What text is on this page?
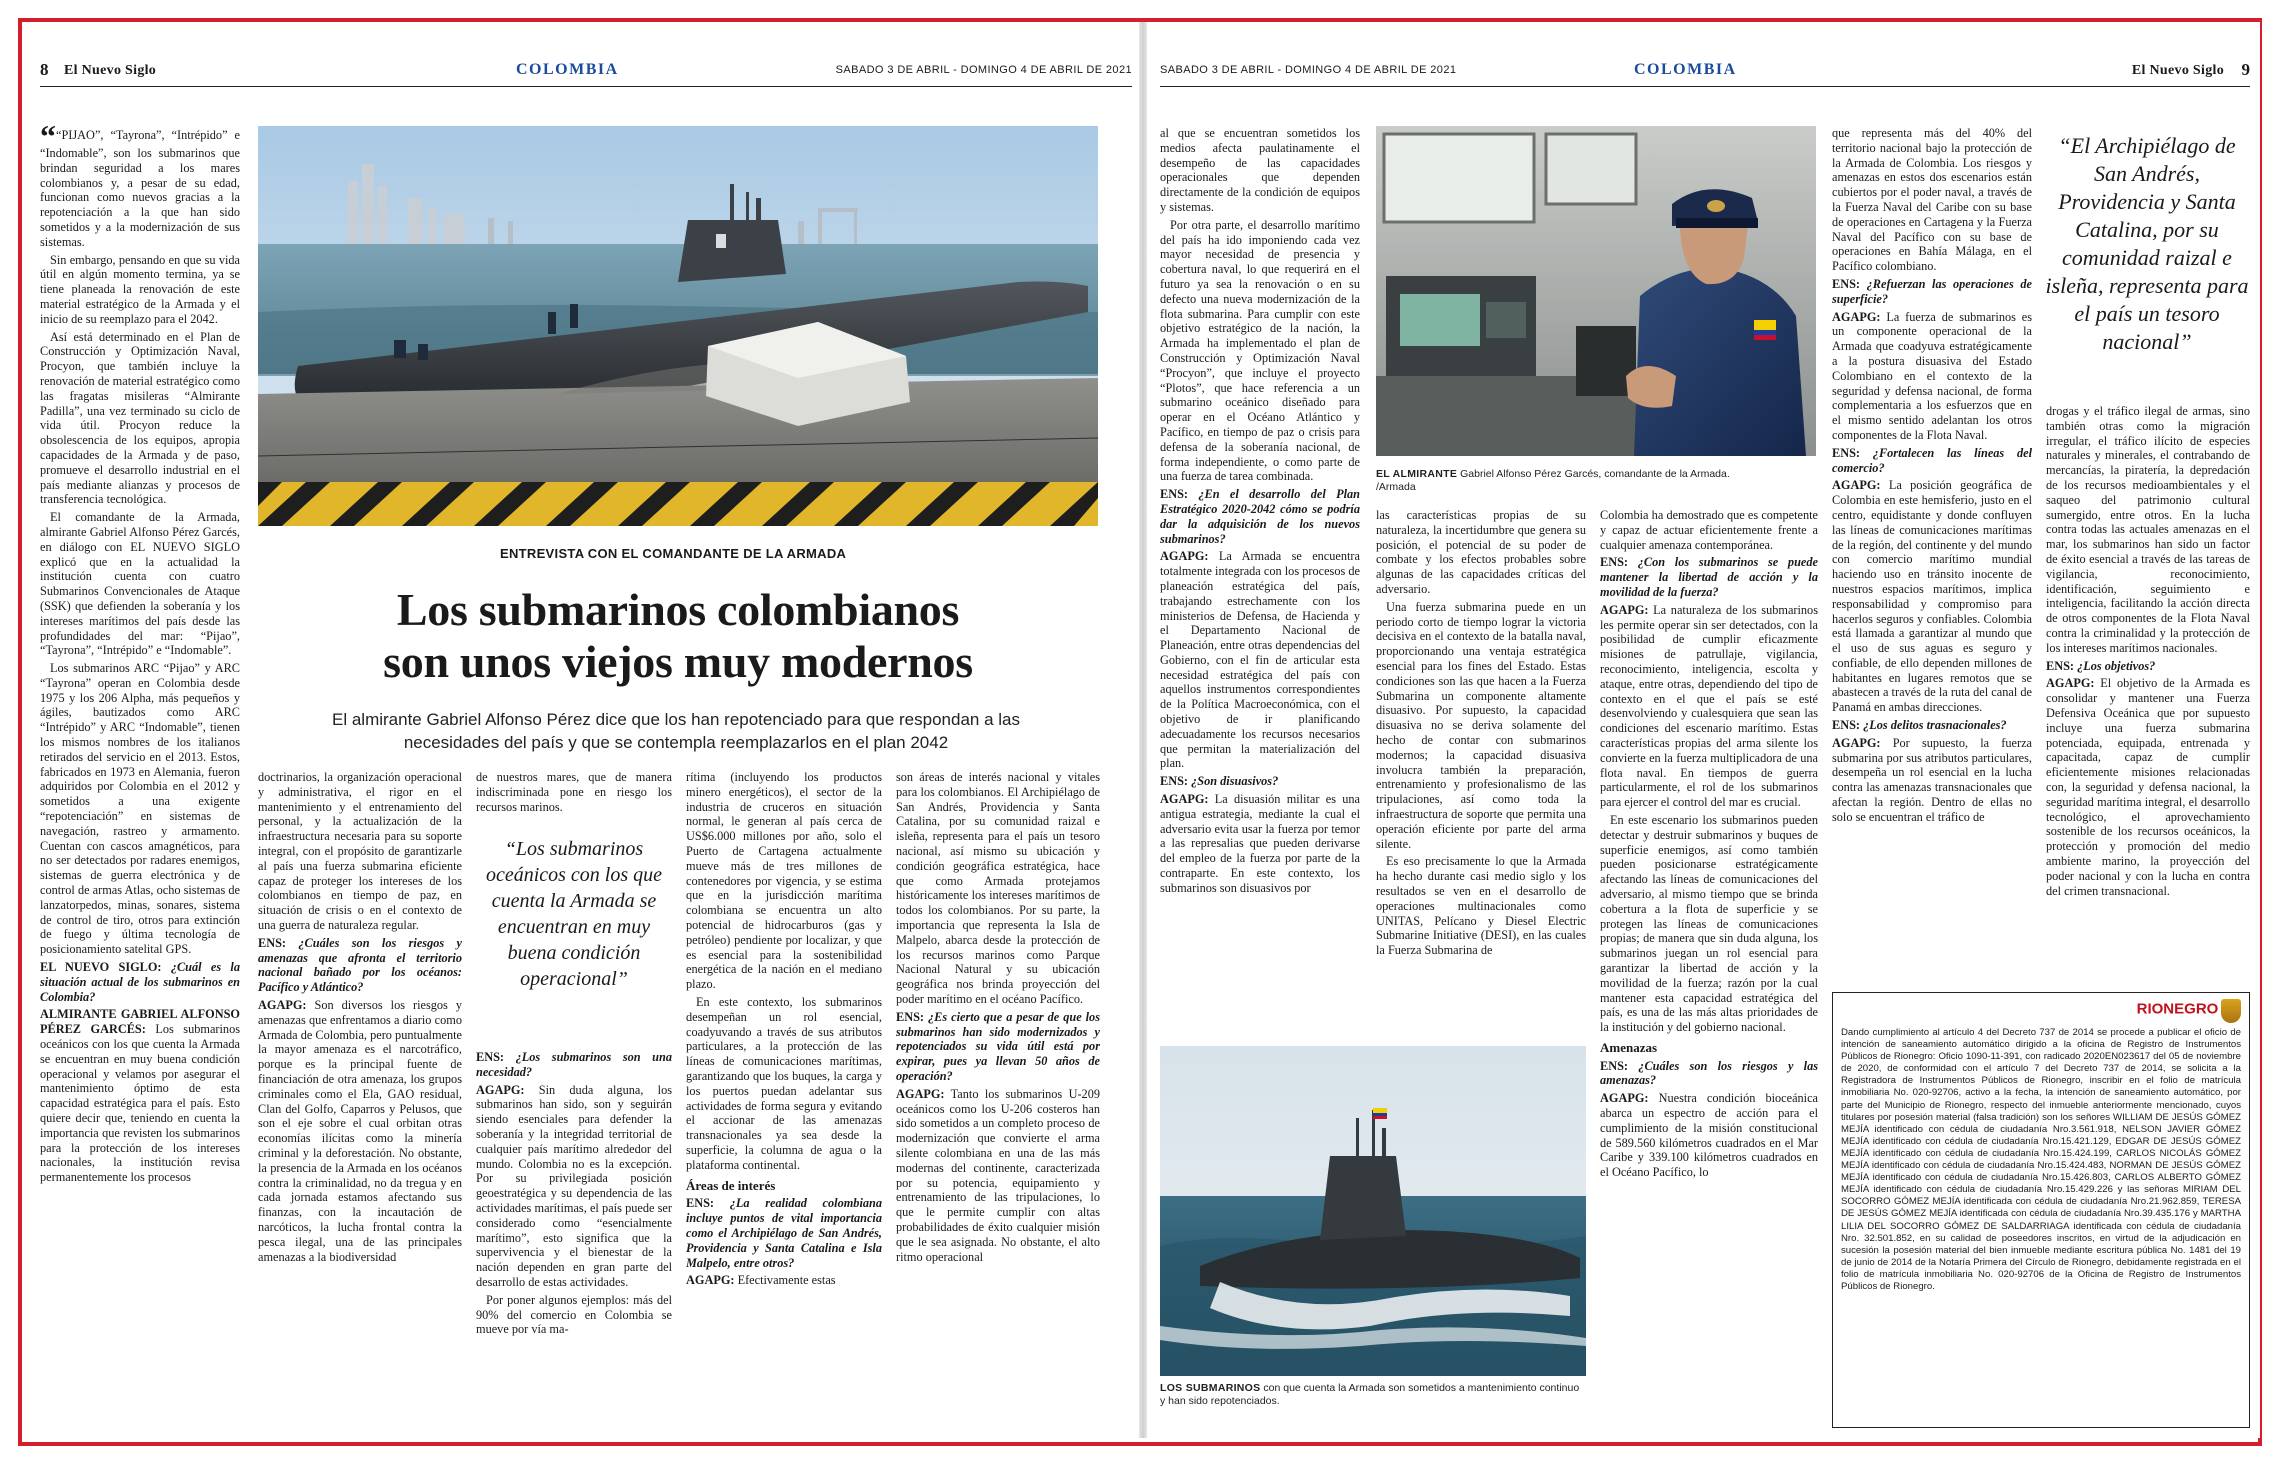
8 El Nuevo Siglo	COLOMBIA	SABADO 3 DE ABRIL - DOMINGO 4 DE ABRIL DE 2021	SABADO 3 DE ABRIL - DOMINGO 4 DE ABRIL DE 2021	COLOMBIA	El Nuevo Siglo 9

““PIJAO”, “Tayrona”, “Intrépido” e “Indomable”, son los submarinos que brindan seguridad a los mares colombianos y, a pesar de su edad, funcionan como nuevos gracias a la repotenciación a la que han sido sometidos y a la modernización de sus sistemas.

Sin embargo, pensando en que su vida útil en algún momento termina, ya se tiene planeada la renovación de este material estratégico de la Armada y el inicio de su reemplazo para el 2042.

Así está determinado en el Plan de Construcción y Optimización Naval, Procyon, que también incluye la renovación de material estratégico como las fragatas misileras “Almirante Padilla”, una vez terminado su ciclo de vida útil. Procyon reduce la obsolescencia de los equipos, apropia capacidades de la Armada y de paso, promueve el desarrollo industrial en el país mediante alianzas y procesos de transferencia tecnológica.

El comandante de la Armada, almirante Gabriel Alfonso Pérez Garcés, en diálogo con EL NUEVO SIGLO explicó que en la actualidad la institución cuenta con cuatro Submarinos Convencionales de Ataque (SSK) que defienden la soberanía y los intereses marítimos del país desde las profundidades del mar: “Pijao”, “Tayrona”, “Intrépido” e “Indomable”.

Los submarinos ARC “Pijao” y ARC “Tayrona” operan en Colombia desde 1975 y los 206 Alpha, más pequeños y ágiles, bautizados como ARC “Intrépido” y ARC “Indomable”, tienen los mismos nombres de los italianos retirados del servicio en el 2013. Estos, fabricados en 1973 en Alemania, fueron adquiridos por Colombia en el 2012 y sometidos a una exigente “repotenciación” en sistemas de navegación, rastreo y armamento. Cuentan con cascos amagnéticos, para no ser detectados por radares enemigos, sistemas de guerra electrónica y de control de armas Atlas, ocho sistemas de lanzatorpedos, minas, sonares, sistema de control de tiro, otros para extinción de fuego y última tecnología de posicionamiento satelital GPS.

EL NUEVO SIGLO: ¿Cuál es la situación actual de los submarinos en Colombia?

ALMIRANTE GABRIEL ALFONSO PÉREZ GARCÉS: Los submarinos oceánicos con los que cuenta la Armada se encuentran en muy buena condición operacional y velamos por asegurar el mantenimiento óptimo de esta capacidad estratégica para el país. Esto quiere decir que, teniendo en cuenta la importancia que revisten los submarinos para la protección de los intereses nacionales, la institución revisa permanentemente los procesos

ENTREVISTA CON EL COMANDANTE DE LA ARMADA
Los submarinos colombianos
son unos viejos muy modernos
El almirante Gabriel Alfonso Pérez dice que los han repotenciado para que respondan a las necesidades del país y que se contempla reemplazarlos en el plan 2042

doctrinarios, la organización operacional y administrativa, el rigor en el mantenimiento y el entrenamiento del personal, y la actualización de la infraestructura necesaria para su soporte integral, con el propósito de garantizarle al país una fuerza submarina eficiente capaz de proteger los intereses de los colombianos en tiempo de paz, en situación de crisis o en el contexto de una guerra de naturaleza regular.

ENS: ¿Cuáles son los riesgos y amenazas que afronta el territorio nacional bañado por los océanos: Pacífico y Atlántico?

AGAPG: Son diversos los riesgos y amenazas que enfrentamos a diario como Armada de Colombia, pero puntualmente la mayor amenaza es el narcotráfico, porque es la principal fuente de financiación de otra amenaza, los grupos criminales como el Ela, GAO residual, Clan del Golfo, Caparros y Pelusos, que son el eje sobre el cual orbitan otras economías ilícitas como la minería criminal y la deforestación. No obstante, la presencia de la Armada en los océanos contra la criminalidad, no da tregua y en cada jornada estamos afectando sus finanzas, con la incautación de narcóticos, la lucha frontal contra la pesca ilegal, una de las principales amenazas a la biodiversidad

de nuestros mares, que de manera indiscriminada pone en riesgo los recursos marinos.

“Los submarinos oceánicos con los que cuenta la Armada se encuentran en muy buena condición operacional”

ENS: ¿Los submarinos son una necesidad?

AGAPG: Sin duda alguna, los submarinos han sido, son y seguirán siendo esenciales para defender la soberanía y la integridad territorial de cualquier país marítimo alrededor del mundo. Colombia no es la excepción. Por su privilegiada posición geoestratégica y su dependencia de las actividades marítimas, el país puede ser considerado como “esencialmente marítimo”, esto significa que la supervivencia y el bienestar de la nación dependen en gran parte del desarrollo de estas actividades.

Por poner algunos ejemplos: más del 90% del comercio en Colombia se mueve por vía ma-

rítima (incluyendo los productos minero energéticos), el sector de la industria de cruceros en situación normal, le generan al país cerca de US$6.000 millones por año, solo el Puerto de Cartagena actualmente mueve más de tres millones de contenedores por vigencia, y se estima que en la jurisdicción marítima colombiana se encuentra un alto potencial de hidrocarburos (gas y petróleo) pendiente por localizar, y que es esencial para la sostenibilidad energética de la nación en el mediano plazo.

En este contexto, los submarinos desempeñan un rol esencial, coadyuvando a través de sus atributos particulares, a la protección de las líneas de comunicaciones marítimas, garantizando que los buques, la carga y los puertos puedan adelantar sus actividades de forma segura y evitando el accionar de las amenazas transnacionales ya sea desde la superficie, la columna de agua o la plataforma continental.

Áreas de interés

ENS: ¿La realidad colombiana incluye puntos de vital importancia como el Archipiélago de San Andrés, Providencia y Santa Catalina e Isla Malpelo, entre otros?

AGAPG: Efectivamente estas

son áreas de interés nacional y vitales para los colombianos. El Archipiélago de San Andrés, Providencia y Santa Catalina, por su comunidad raizal e isleña, representa para el país un tesoro nacional, así mismo su ubicación y condición geográfica estratégica, hace que como Armada protejamos históricamente los intereses marítimos de todos los colombianos. Por su parte, la importancia que representa la Isla de Malpelo, abarca desde la protección de los recursos marinos como Parque Nacional Natural y su ubicación geográfica nos brinda proyección del poder marítimo en el océano Pacífico.

ENS: ¿Es cierto que a pesar de que los submarinos han sido modernizados y repotenciados su vida útil está por expirar, pues ya llevan 50 años de operación?

AGAPG: Tanto los submarinos U-209 oceánicos como los U-206 costeros han sido sometidos a un completo proceso de modernización que convierte el arma silente colombiana en una de las más modernas del continente, caracterizada por su potencia, equipamiento y entrenamiento de las tripulaciones, lo que le permite cumplir con altas probabilidades de éxito cualquier misión que le sea asignada. No obstante, el alto ritmo operacional

al que se encuentran sometidos los medios afecta paulatinamente el desempeño de las capacidades operacionales que dependen directamente de la condición de equipos y sistemas.

Por otra parte, el desarrollo marítimo del país ha ido imponiendo cada vez mayor necesidad de presencia y cobertura naval, lo que requerirá en el futuro ya sea la renovación o en su defecto una nueva modernización de la flota submarina. Para cumplir con este objetivo estratégico de la nación, la Armada ha implementado el plan de Construcción y Optimización Naval “Procyon”, que incluye el proyecto “Plotos”, que hace referencia a un submarino oceánico diseñado para operar en el Océano Atlántico y Pacífico, en tiempo de paz o crisis para defensa de la soberanía nacional, de forma independiente, o como parte de una fuerza de tarea combinada.

ENS: ¿En el desarrollo del Plan Estratégico 2020-2042 cómo se podría dar la adquisición de los nuevos submarinos?

AGAPG: La Armada se encuentra totalmente integrada con los procesos de planeación estratégica del país, trabajando estrechamente con los ministerios de Defensa, de Hacienda y el Departamento Nacional de Planeación, entre otras dependencias del Gobierno, con el fin de articular esta necesidad estratégica del país con aquellos instrumentos correspondientes de la Política Macroeconómica, con el objetivo de ir planificando adecuadamente los recursos necesarios que permitan la materialización del plan.

ENS: ¿Son disuasivos?

AGAPG: La disuasión militar es una antigua estrategia, mediante la cual el adversario evita usar la fuerza por temor a las represalias que pueden derivarse del empleo de la fuerza por parte de la contraparte. En este contexto, los submarinos son disuasivos por

EL ALMIRANTE Gabriel Alfonso Pérez Garcés, comandante de la Armada.
/Armada

las características propias de su naturaleza, la incertidumbre que genera su posición, el potencial de su poder de combate y los efectos probables sobre algunas de las capacidades críticas del adversario.

Una fuerza submarina puede en un periodo corto de tiempo lograr la victoria decisiva en el contexto de la batalla naval, proporcionando una ventaja estratégica esencial para los fines del Estado. Estas condiciones son las que hacen a la Fuerza Submarina un componente altamente disuasivo. Por supuesto, la capacidad disuasiva no se deriva solamente del hecho de contar con submarinos modernos; la capacidad disuasiva involucra también la preparación, entrenamiento y profesionalismo de las tripulaciones, así como toda la infraestructura de soporte que permita una operación eficiente por parte del arma silente.

Es eso precisamente lo que la Armada ha hecho durante casi medio siglo y los resultados se ven en el desarrollo de operaciones multinacionales como UNITAS, Pelícano y Diesel Electric Submarine Initiative (DESI), en las cuales la Fuerza Submarina de

Colombia ha demostrado que es competente y capaz de actuar eficientemente frente a cualquier amenaza contemporánea.

ENS: ¿Con los submarinos se puede mantener la libertad de acción y la movilidad de la fuerza?

AGAPG: La naturaleza de los submarinos les permite operar sin ser detectados, con la posibilidad de cumplir eficazmente misiones de patrullaje, vigilancia, reconocimiento, inteligencia, escolta y ataque, entre otras, dependiendo del tipo de contexto en el que el país se esté desenvolviendo y cualesquiera que sean las condiciones del escenario marítimo. Estas características propias del arma silente los convierte en la fuerza multiplicadora de una flota naval. En tiempos de guerra particularmente, el rol de los submarinos para ejercer el control del mar es crucial.

En este escenario los submarinos pueden detectar y destruir submarinos y buques de superficie enemigos, así como también pueden posicionarse estratégicamente afectando las líneas de comunicaciones del adversario, al mismo tiempo que se brinda cobertura a la flota de superficie y se protegen las líneas de comunicaciones propias; de manera que sin duda alguna, los submarinos juegan un rol esencial para garantizar la libertad de acción y la movilidad de la fuerza; razón por la cual mantener esta capacidad estratégica del país, es una de las más altas prioridades de la institución y del gobierno nacional.

Amenazas

ENS: ¿Cuáles son los riesgos y las amenazas?

AGAPG: Nuestra condición bioceánica abarca un espectro de acción para el cumplimiento de la misión constitucional de 589.560 kilómetros cuadrados en el Mar Caribe y 339.100 kilómetros cuadrados en el Océano Pacífico, lo

LOS SUBMARINOS con que cuenta la Armada son sometidos a mantenimiento continuo y han sido repotenciados.

que representa más del 40% del territorio nacional bajo la protección de la Armada de Colombia. Los riesgos y amenazas en estos dos escenarios están cubiertos por el poder naval, a través de la Fuerza Naval del Caribe con su base de operaciones en Cartagena y la Fuerza Naval del Pacífico con su base de operaciones en Bahía Málaga, en el Pacífico colombiano.

ENS: ¿Refuerzan las operaciones de superficie?

AGAPG: La fuerza de submarinos es un componente operacional de la Armada que coadyuva estratégicamente a la postura disuasiva del Estado Colombiano en el contexto de la seguridad y defensa nacional, de forma complementaria a los esfuerzos que en el mismo sentido adelantan los otros componentes de la Flota Naval.

ENS: ¿Fortalecen las líneas del comercio?

AGAPG: La posición geográfica de Colombia en este hemisferio, justo en el centro, equidistante y donde confluyen las líneas de comunicaciones marítimas de la región, del continente y del mundo con comercio marítimo mundial haciendo uso en tránsito inocente de nuestros espacios marítimos, implica responsabilidad y compromiso para hacerlos seguros y confiables. Colombia está llamada a garantizar al mundo que el uso de sus aguas es seguro y confiable, de ello dependen millones de habitantes en lugares remotos que se abastecen a través de la ruta del canal de Panamá en ambas direcciones.

ENS: ¿Los delitos trasnacionales?

AGAPG: Por supuesto, la fuerza submarina por sus atributos particulares, desempeña un rol esencial en la lucha contra las amenazas transnacionales que afectan la región. Dentro de ellas no solo se encuentran el tráfico de

“El Archipiélago de San Andrés, Providencia y Santa Catalina, por su comunidad raizal e isleña, representa para el país un tesoro nacional”

drogas y el tráfico ilegal de armas, sino también otras como la migración irregular, el tráfico ilícito de especies naturales y minerales, el contrabando de mercancías, la piratería, la depredación de los recursos medioambientales y el saqueo del patrimonio cultural sumergido, entre otros. En la lucha contra todas las actuales amenazas en el mar, los submarinos han sido un factor de éxito esencial a través de las tareas de vigilancia, reconocimiento, identificación, seguimiento e inteligencia, facilitando la acción directa de otros componentes de la Flota Naval contra la criminalidad y la protección de los intereses marítimos nacionales.

ENS: ¿Los objetivos?

AGAPG: El objetivo de la Armada es consolidar y mantener una Fuerza Defensiva Oceánica que por supuesto incluye una fuerza submarina potenciada, equipada, entrenada y capacitada, capaz de cumplir eficientemente misiones relacionadas con, la seguridad y defensa nacional, la seguridad marítima integral, el desarrollo tecnológico, el aprovechamiento sostenible de los recursos oceánicos, la protección y promoción del medio ambiente marino, la proyección del poder nacional y con la lucha en contra del crimen transnacional.

RIONEGRO
Dando cumplimiento al artículo 4 del Decreto 737 de 2014 se procede a publicar el oficio de intención de saneamiento automático dirigido a la oficina de Registro de Instrumentos Públicos de Rionegro: Oficio 1090-11-391, con radicado 2020EN023617 del 05 de noviembre de 2020, de conformidad con el artículo 7 del Decreto 737 de 2014, se solicita a la Registradora de Instrumentos Públicos de Rionegro, inscribir en el folio de matrícula inmobiliaria No. 020-92706, activo a la fecha, la intención de saneamiento automático, por parte del Municipio de Rionegro, respecto del inmueble anteriormente mencionado, cuyos titulares por posesión material (falsa tradición) son los señores WILLIAM DE JESÚS GÓMEZ MEJÍA identificado con cédula de ciudadanía Nro.3.561.918, NELSON JAVIER GÓMEZ MEJÍA identificado con cédula de ciudadanía Nro.15.421.129, EDGAR DE JESÚS GÓMEZ MEJÍA identificado con cédula de ciudadanía Nro.15.424.199, CARLOS NICOLÁS GÓMEZ MEJÍA identificado con cédula de ciudadanía Nro.15.424.483, NORMAN DE JESÚS GÓMEZ MEJÍA identificado con cédula de ciudadanía Nro.15.426.803, CARLOS ALBERTO GÓMEZ MEJÍA identificado con cédula de ciudadanía Nro.15.429.226 y las señoras MIRIAM DEL SOCORRO GÓMEZ MEJÍA identificada con cédula de ciudadanía Nro.21.962.859, TERESA DE JESÚS GÓMEZ MEJÍA identificada con cédula de ciudadanía Nro.39.435.176 y MARTHA LILIA DEL SOCORRO GÓMEZ DE SALDARRIAGA identificada con cédula de ciudadanía Nro. 32.501.852, en su calidad de poseedores inscritos, en virtud de la adjudicación en sucesión la posesión material del bien inmueble mediante escritura pública No. 1481 del 19 de junio de 2014 de la Notaría Primera del Círculo de Rionegro, debidamente registrada en el folio de matrícula inmobiliaria No. 020-92706 de la Oficina de Registro de Instrumentos Públicos de Rionegro.
